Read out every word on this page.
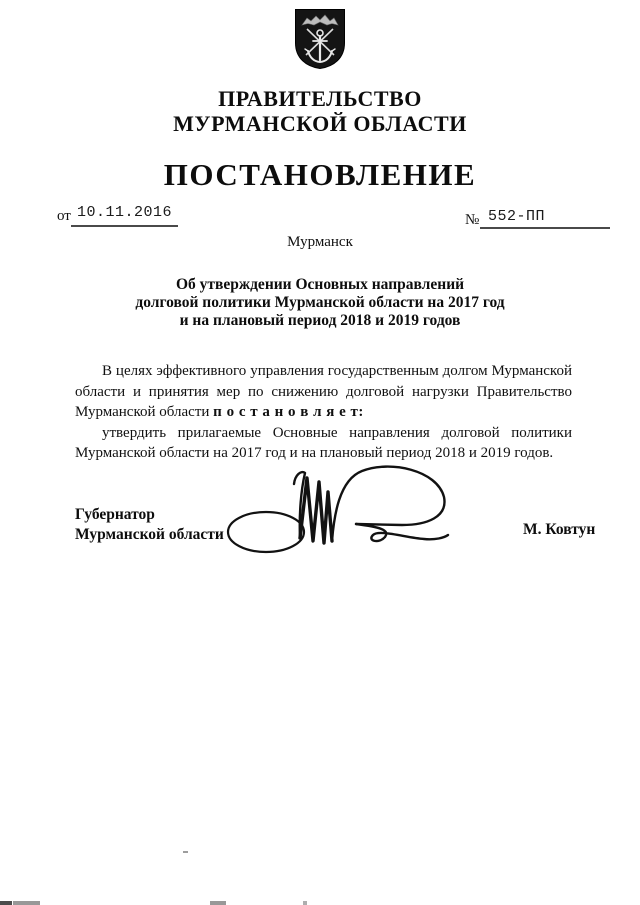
ПРАВИТЕЛЬСТВО
МУРМАНСКОЙ ОБЛАСТИ
ПОСТАНОВЛЕНИЕ
от 10.11.2016	№ 552-ПП
Мурманск
Об утверждении Основных направлений
долговой политики Мурманской области на 2017 год
и на плановый период 2018 и 2019 годов
В целях эффективного управления государственным долгом Мурманской
области и принятия мер по снижению долговой нагрузки Правительство
Мурманской области п о с т а н о в л я е т:
утвердить прилагаемые Основные направления долговой политики
Мурманской области на 2017 год и на плановый период 2018 и 2019 годов.
Губернатор
Мурманской области	М. Ковтун
